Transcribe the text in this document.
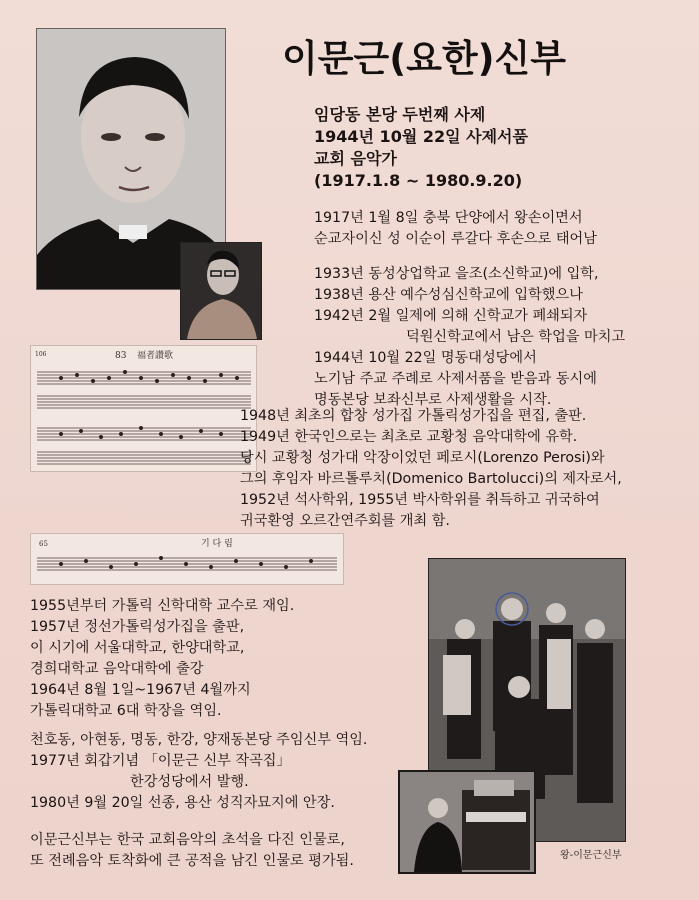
106	83 福者讚歌
65	기 다 림
왕-이문근신부
이문근(요한)신부
임당동 본당 두번째 사제
1944년 10월 22일 사제서품
교회 음악가
(1917.1.8 ~ 1980.9.20)
1917년 1월 8일 충북 단양에서 왕손이면서
순교자이신 성 이순이 루갈다 후손으로 태어남
1933년 동성상업학교 을조(소신학교)에 입학,
1938년 용산 예수성심신학교에 입학했으나
1942년 2월 일제에 의해 신학교가 폐쇄되자
덕원신학교에서 남은 학업을 마치고
1944년 10월 22일 명동대성당에서
노기남 주교 주례로 사제서품을 받음과 동시에
명동본당 보좌신부로 사제생활을 시작.
1948년 최초의 합창 성가집 가톨릭성가집을 편집, 출판.
1949년 한국인으로는 최초로 교황청 음악대학에 유학.
당시 교황청 성가대 악장이었던 페로시(Lorenzo Perosi)와
그의 후임자 바르톨루치(Domenico Bartolucci)의 제자로서,
1952년 석사학위, 1955년 박사학위를 취득하고 귀국하여
귀국환영 오르간연주회를 개최 함.
1955년부터 가톨릭 신학대학 교수로 재임.
1957년 정선가톨릭성가집을 출판,
이 시기에 서울대학교, 한양대학교,
경희대학교 음악대학에 출강
1964년 8월 1일~1967년 4월까지
가톨릭대학교 6대 학장을 역임.
천호동, 아현동, 명동, 한강, 양재동본당 주임신부 역임.
1977년 회갑기념 「이문근 신부 작곡집」
한강성당에서 발행.
1980년 9월 20일 선종, 용산 성직자묘지에 안장.
이문근신부는 한국 교회음악의 초석을 다진 인물로,
또 전례음악 토착화에 큰 공적을 남긴 인물로 평가됨.
